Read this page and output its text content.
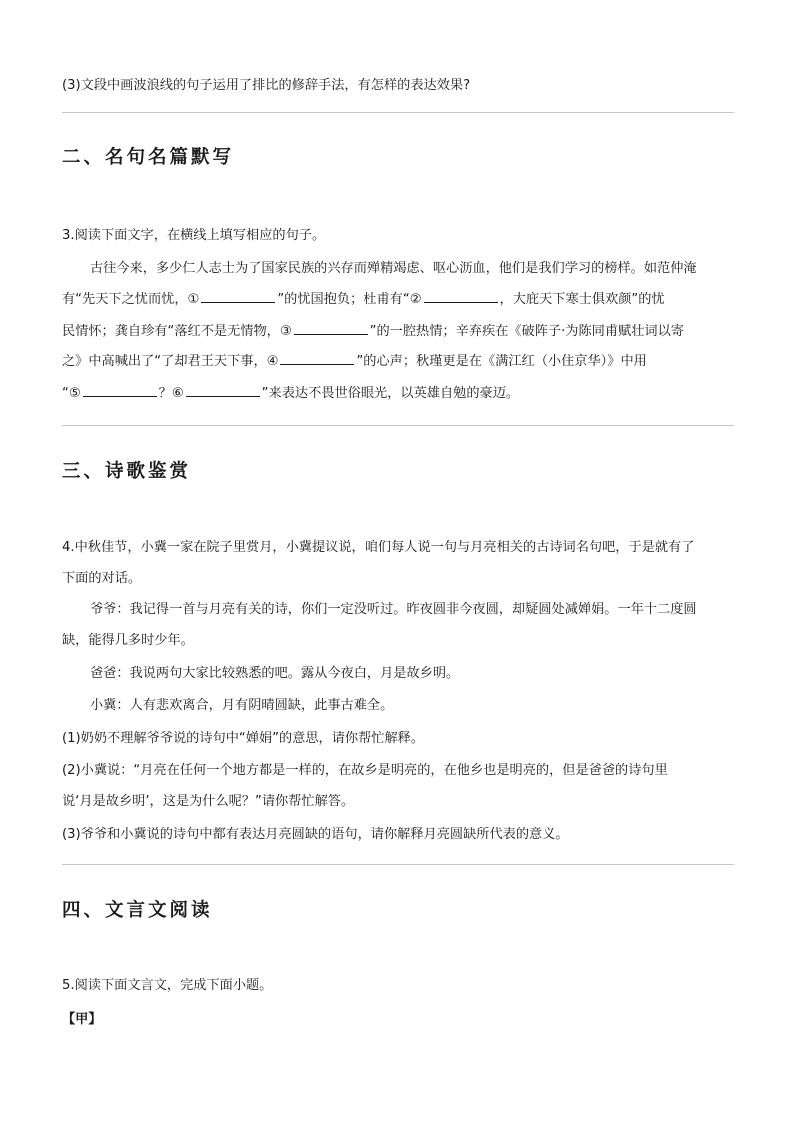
(3)文段中画波浪线的句子运用了排比的修辞手法，有怎样的表达效果?
二、名句名篇默写
3.阅读下面文字，在横线上填写相应的句子。
古往今来，多少仁人志士为了国家民族的兴存而殚精竭虑、呕心沥血，他们是我们学习的榜样。如范仲淹
有“先天下之忧而忧，①	”的忧国抱负；杜甫有“②	，大庇天下寒士俱欢颜”的忧
民情怀；龚自珍有“落红不是无情物，③	”的一腔热情；辛弃疾在《破阵子·为陈同甫赋壮词以寄
之》中高喊出了“了却君王天下事，④	”的心声；秋瑾更是在《满江红（小住京华）》中用
“⑤	？⑥	”来表达不畏世俗眼光，以英雄自勉的豪迈。
三、诗歌鉴赏
4.中秋佳节，小冀一家在院子里赏月，小冀提议说，咱们每人说一句与月亮相关的古诗词名句吧，于是就有了
下面的对话。
爷爷：我记得一首与月亮有关的诗，你们一定没听过。昨夜圆非今夜圆，却疑圆处减婵娟。一年十二度圆
缺，能得几多时少年。
爸爸：我说两句大家比较熟悉的吧。露从今夜白，月是故乡明。
小冀：人有悲欢离合，月有阴晴圆缺，此事古难全。
(1)奶奶不理解爷爷说的诗句中“婵娟”的意思，请你帮忙解释。
(2)小冀说：“月亮在任何一个地方都是一样的，在故乡是明亮的，在他乡也是明亮的，但是爸爸的诗句里
说‘月是故乡明’，这是为什么呢？”请你帮忙解答。
(3)爷爷和小冀说的诗句中都有表达月亮圆缺的语句，请你解释月亮圆缺所代表的意义。
四、文言文阅读
5.阅读下面文言文，完成下面小题。
【甲】
